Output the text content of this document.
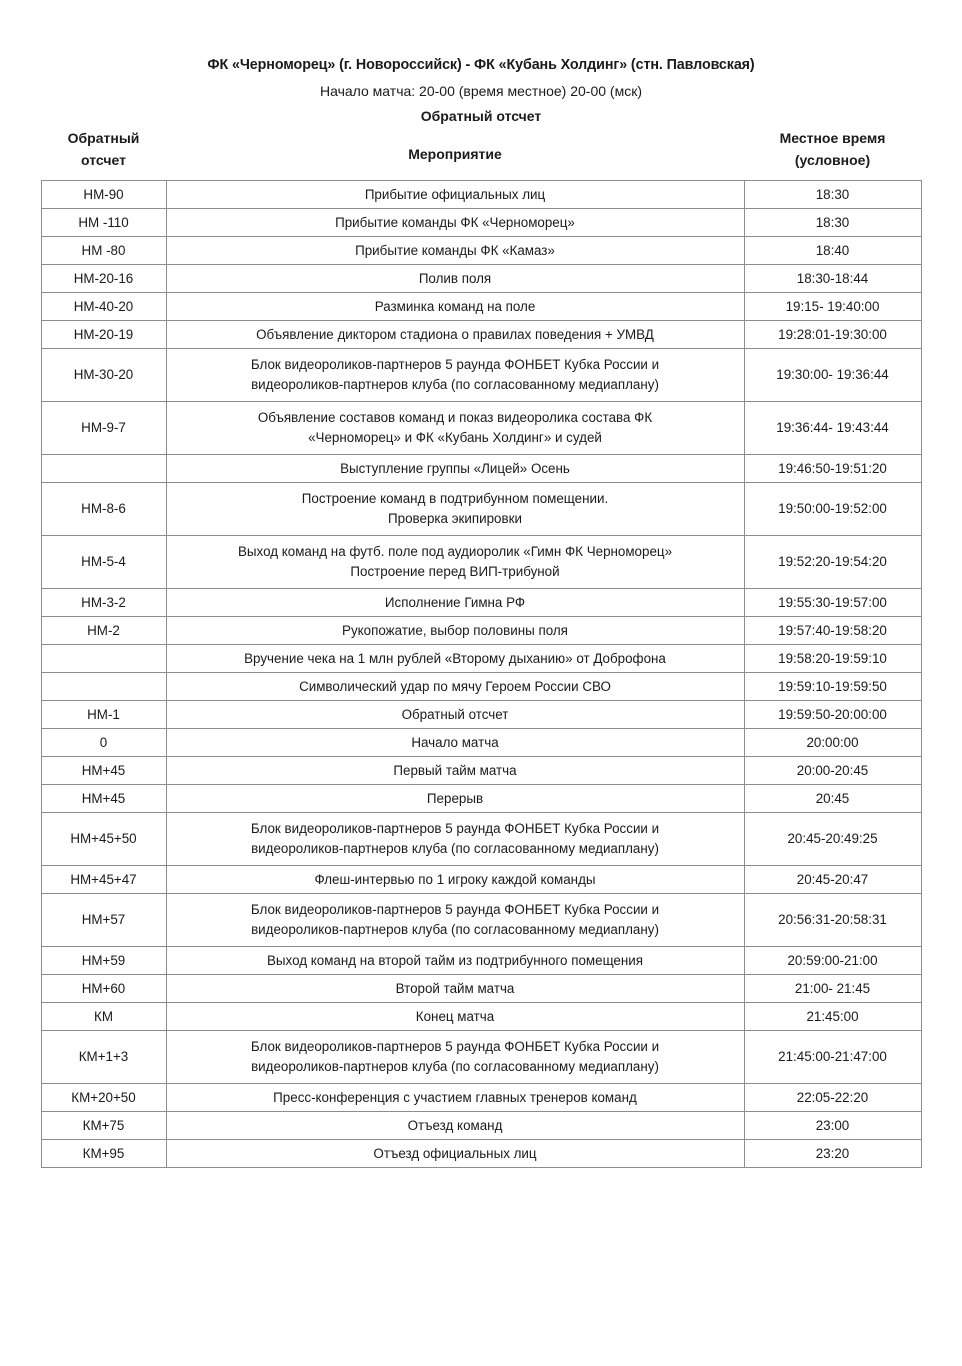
ФК «Черноморец» (г. Новороссийск) - ФК «Кубань Холдинг» (стн. Павловская)
Начало матча: 20-00 (время местное) 20-00 (мск)
Обратный отсчет
Обратный
отсчет	Мероприятие
Местное время
(условное)
НМ-90	Прибытие официальных лиц	18:30
НМ -110	Прибытие команды ФК «Черноморец»	18:30
НМ -80	Прибытие команды ФК «Камаз»	18:40
НМ-20-16	Полив поля	18:30-18:44
НМ-40-20	Разминка команд на поле	19:15- 19:40:00
НМ-20-19	Объявление диктором стадиона о правилах поведения + УМВД	19:28:01-19:30:00
НМ-30-20	Блок видеороликов-партнеров 5 раунда ФОНБЕТ Кубка России и
видеороликов-партнеров клуба (по согласованному медиаплану)	19:30:00- 19:36:44
НМ-9-7	Объявление составов команд и показ видеоролика состава ФК
«Черноморец» и ФК «Кубань Холдинг» и судей	19:36:44- 19:43:44
	Выступление группы «Лицей» Осень	19:46:50-19:51:20
НМ-8-6	Построение команд в подтрибунном помещении.
Проверка экипировки	19:50:00-19:52:00
НМ-5-4	Выход команд на футб. поле под аудиоролик «Гимн ФК Черноморец»
Построение перед ВИП-трибуной	19:52:20-19:54:20
НМ-3-2	Исполнение Гимна РФ	19:55:30-19:57:00
НМ-2	Рукопожатие, выбор половины поля	19:57:40-19:58:20
	Вручение чека на 1 млн рублей «Второму дыханию» от Доброфона	19:58:20-19:59:10
	Символический удар по мячу Героем России СВО	19:59:10-19:59:50
НМ-1	Обратный отсчет	19:59:50-20:00:00
0	Начало матча	20:00:00
НМ+45	Первый тайм матча	20:00-20:45
НМ+45	Перерыв	20:45
НМ+45+50	Блок видеороликов-партнеров 5 раунда ФОНБЕТ Кубка России и
видеороликов-партнеров клуба (по согласованному медиаплану)	20:45-20:49:25
НМ+45+47	Флеш-интервью по 1 игроку каждой команды	20:45-20:47
НМ+57	Блок видеороликов-партнеров 5 раунда ФОНБЕТ Кубка России и
видеороликов-партнеров клуба (по согласованному медиаплану)	20:56:31-20:58:31
НМ+59	Выход команд на второй тайм из подтрибунного помещения	20:59:00-21:00
НМ+60	Второй тайм матча	21:00- 21:45
КМ	Конец матча	21:45:00
КМ+1+3	Блок видеороликов-партнеров 5 раунда ФОНБЕТ Кубка России и
видеороликов-партнеров клуба (по согласованному медиаплану)	21:45:00-21:47:00
КМ+20+50	Пресс-конференция с участием главных тренеров команд	22:05-22:20
КМ+75	Отъезд команд	23:00
КМ+95	Отъезд официальных лиц	23:20
